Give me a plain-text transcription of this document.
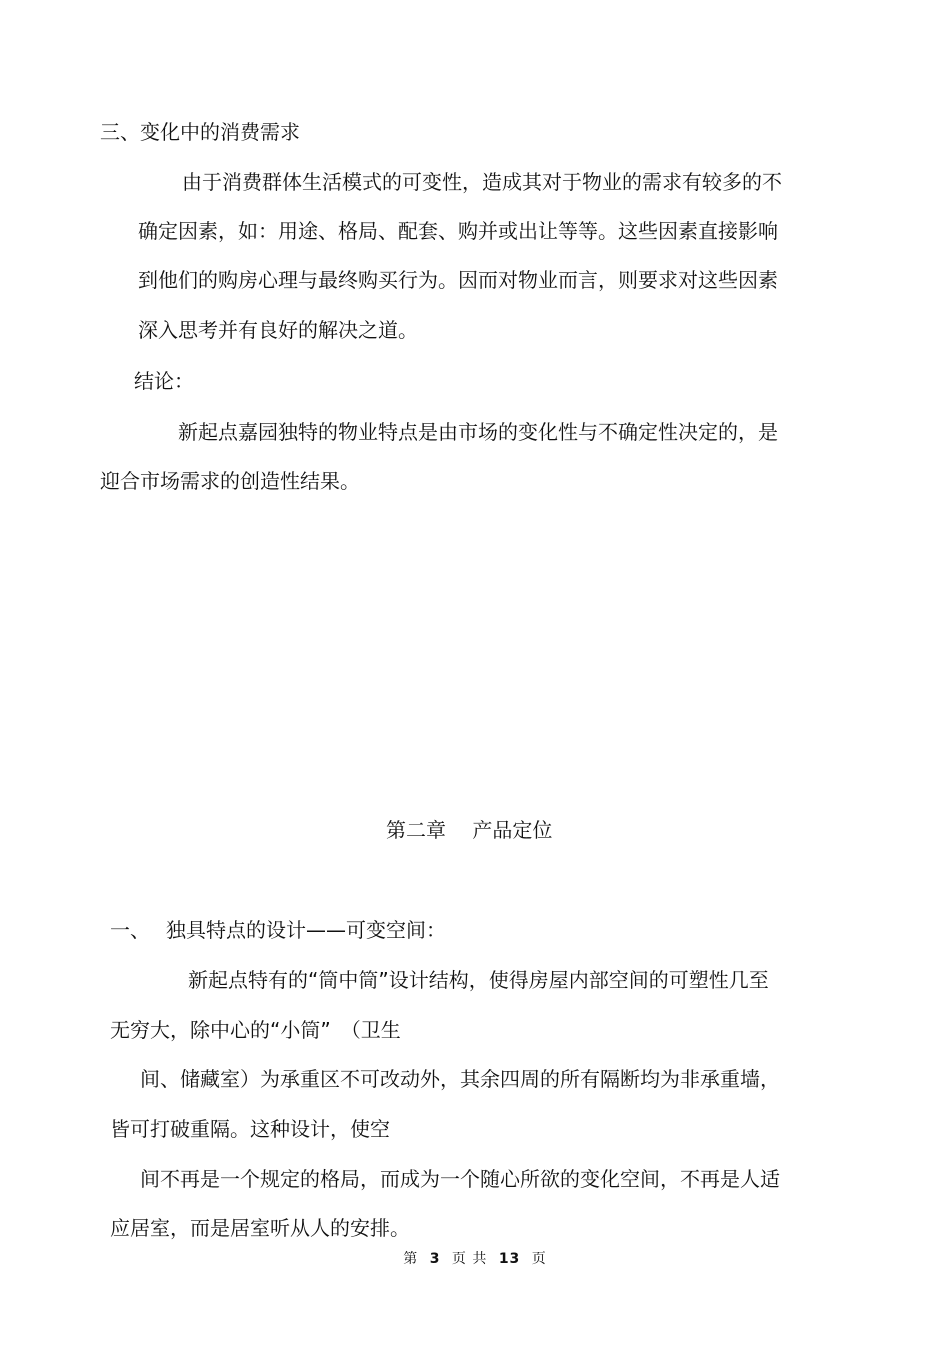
三、变化中的消费需求
由于消费群体生活模式的可变性，造成其对于物业的需求有较多的不
确定因素，如：用途、格局、配套、购并或出让等等。这些因素直接影响
到他们的购房心理与最终购买行为。因而对物业而言，则要求对这些因素
深入思考并有良好的解决之道。
结论：
新起点嘉园独特的物业特点是由市场的变化性与不确定性决定的，是
迎合市场需求的创造性结果。
第二章　 产品定位
一、 独具特点的设计——可变空间：
新起点特有的“筒中筒”设计结构，使得房屋内部空间的可塑性几至
无穷大，除中心的“小筒”　（卫生
间、储藏室）为承重区不可改动外，其余四周的所有隔断均为非承重墙，
皆可打破重隔。这种设计，使空
间不再是一个规定的格局，而成为一个随心所欲的变化空间，不再是人适
应居室，而是居室听从人的安排。
第 3 页 共 13 页
